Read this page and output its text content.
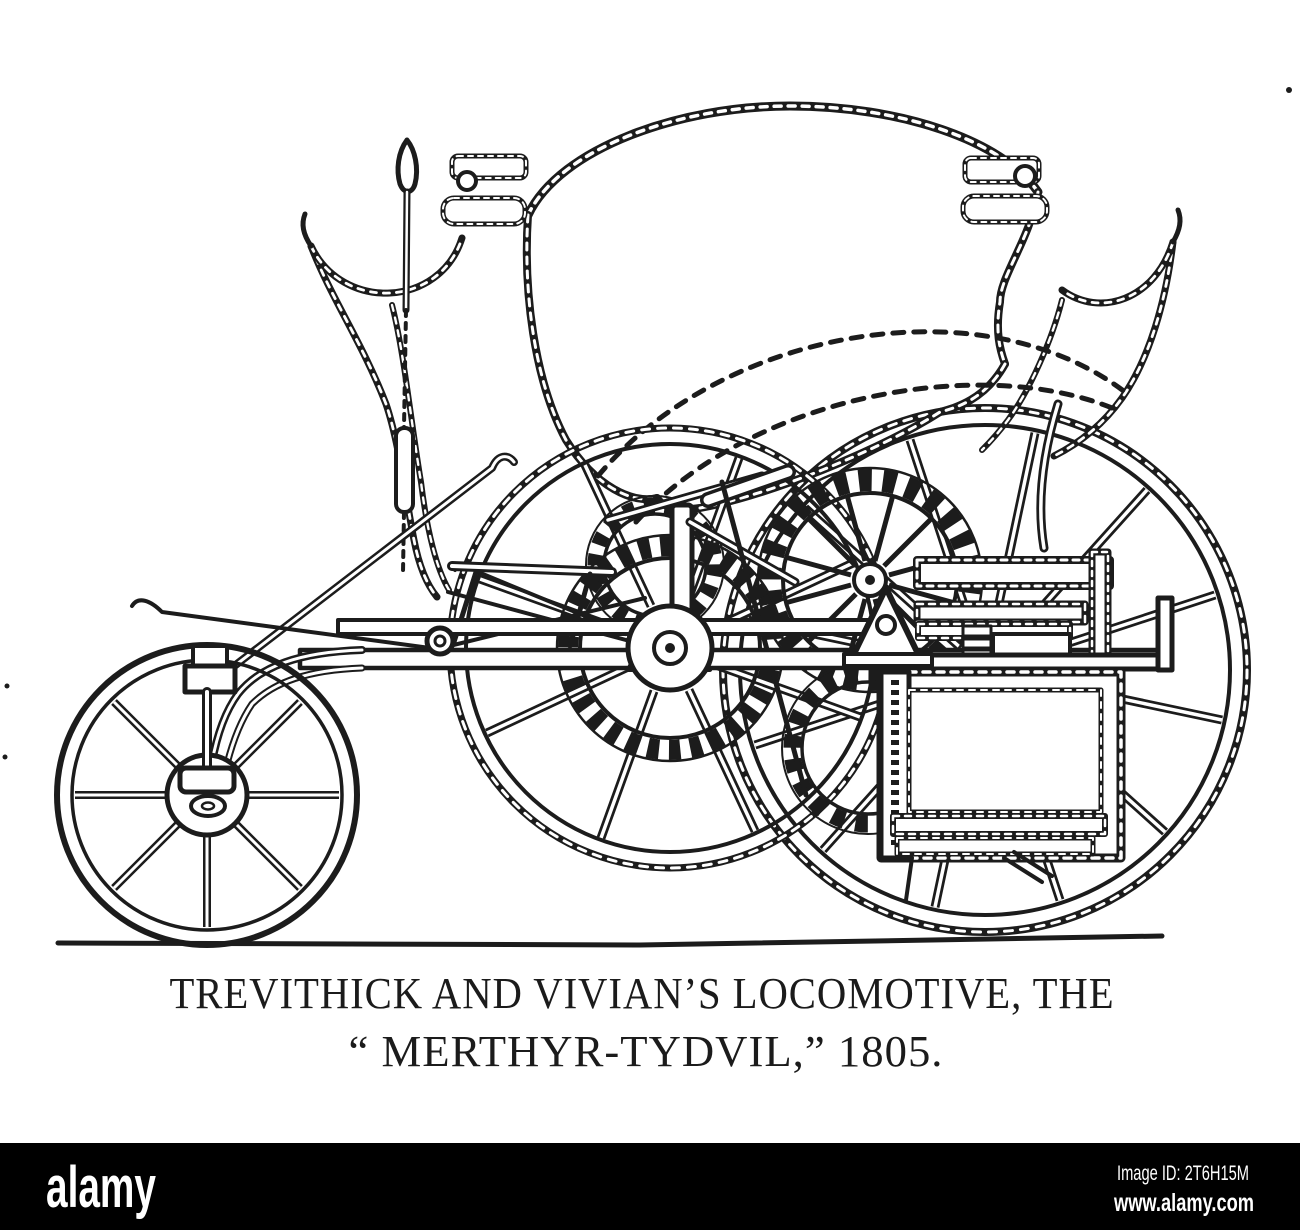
TREVITHICK AND VIVIAN’S LOCOMOTIVE, THE
“ MERTHYR-TYDVIL,” 1805.
alamy	Image ID: 2T6H15M
www.alamy.com
